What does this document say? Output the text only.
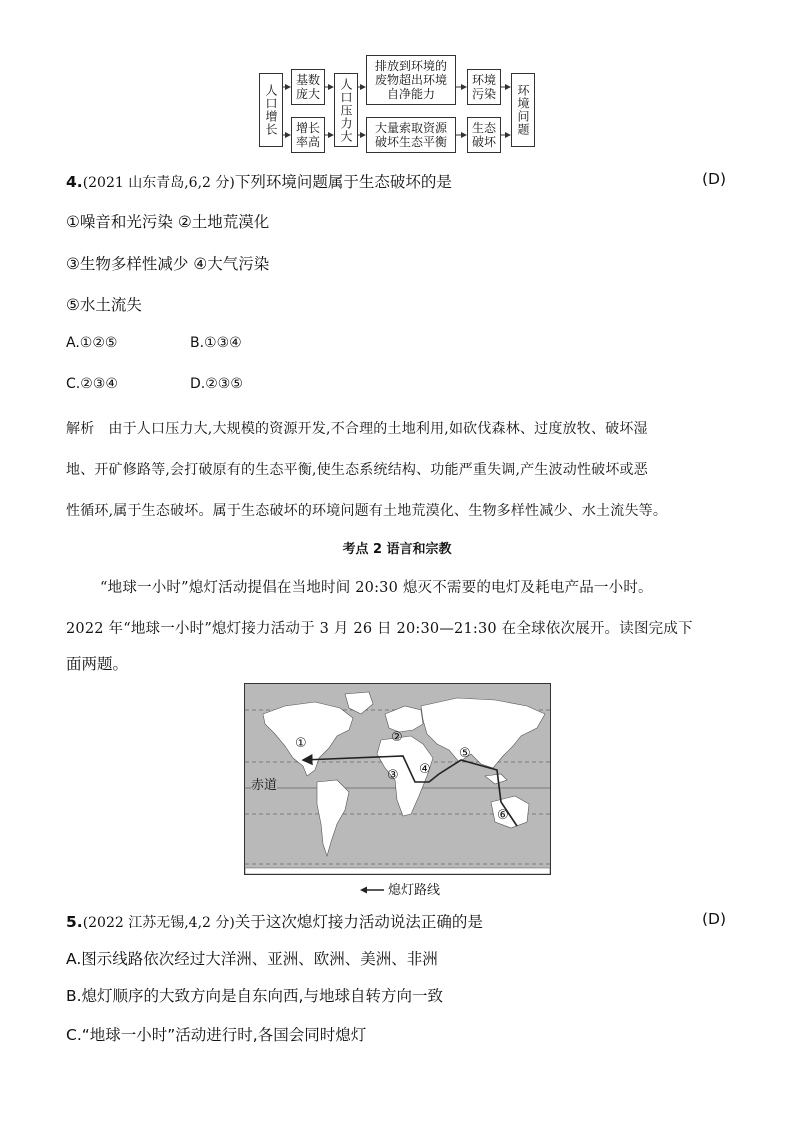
人口增长
基数
庞大
增长
率高	人口压力大
排放到环境的
废物超出环境
自净能力
大量索取资源
破坏生态平衡
环境
污染
生态
破坏
环境问题
4.(2021 山东青岛,6,2 分)下列环境问题属于生态破坏的是	(D)
①噪音和光污染 ②土地荒漠化
③生物多样性减少 ④大气污染
⑤水土流失
A.①②⑤	B.①③④
C.②③④	D.②③⑤
解析 由于人口压力大,大规模的资源开发,不合理的土地利用,如砍伐森林、过度放牧、破坏湿
地、开矿修路等,会打破原有的生态平衡,使生态系统结构、功能严重失调,产生波动性破坏或恶
性循环,属于生态破坏。属于生态破坏的环境问题有土地荒漠化、生物多样性减少、水土流失等。
考点 2 语言和宗教
“地球一小时”熄灯活动提倡在当地时间 20:30 熄灭不需要的电灯及耗电产品一小时。
2022 年“地球一小时”熄灯接力活动于 3 月 26 日 20:30—21:30 在全球依次展开。读图完成下
面两题。
①	②
③ ④
⑤
⑥
赤道
熄灯路线
5.(2022 江苏无锡,4,2 分)关于这次熄灯接力活动说法正确的是	(D)
A.图示线路依次经过大洋洲、亚洲、欧洲、美洲、非洲
B.熄灯顺序的大致方向是自东向西,与地球自转方向一致
C.“地球一小时”活动进行时,各国会同时熄灯
